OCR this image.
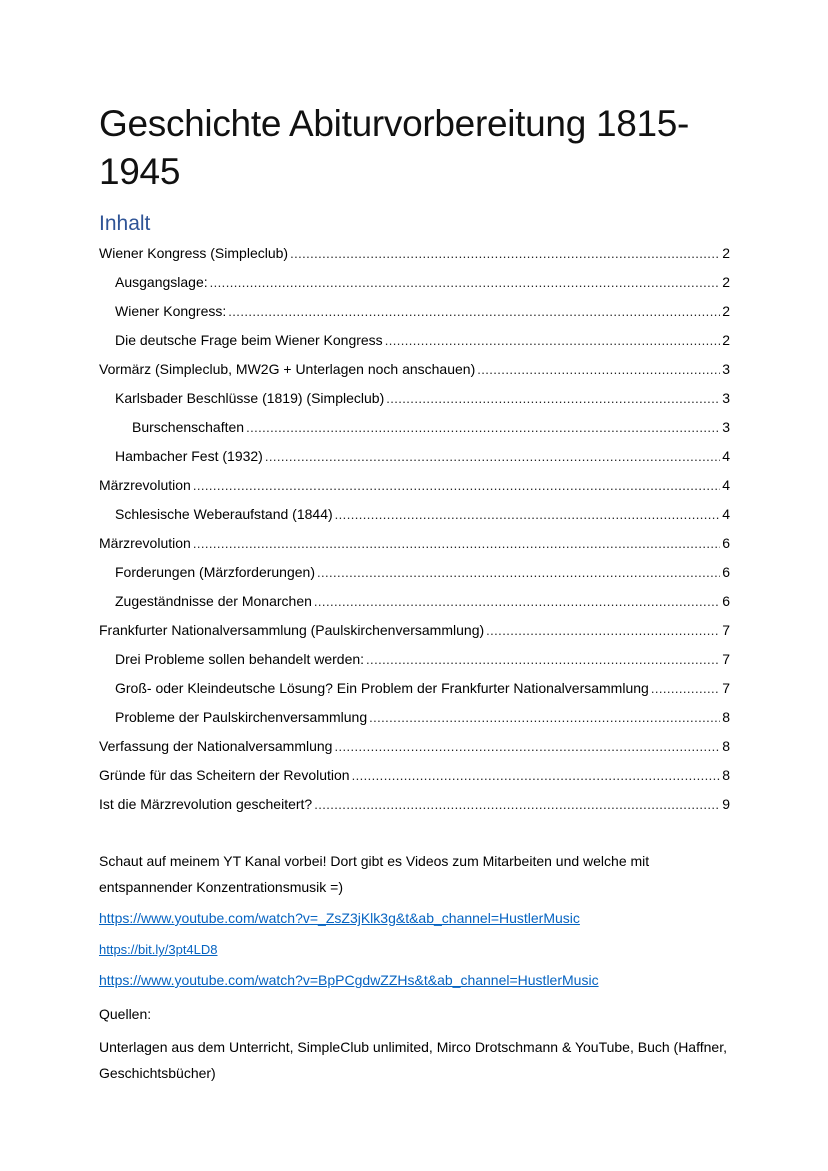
Geschichte Abiturvorbereitung 1815-1945
Inhalt
Wiener Kongress (Simpleclub) .....	2
Ausgangslage: .....	2
Wiener Kongress: .....	2
Die deutsche Frage beim Wiener Kongress .....	2
Vormärz (Simpleclub, MW2G + Unterlagen noch anschauen) .....	3
Karlsbader Beschlüsse (1819) (Simpleclub) .....	3
Burschenschaften .....	3
Hambacher Fest (1932) .....	4
Märzrevolution .....	4
Schlesische Weberaufstand (1844) .....	4
Märzrevolution .....	6
Forderungen (Märzforderungen) .....	6
Zugeständnisse der Monarchen .....	6
Frankfurter Nationalversammlung (Paulskirchenversammlung) .....	7
Drei Probleme sollen behandelt werden: .....	7
Groß- oder Kleindeutsche Lösung? Ein Problem der Frankfurter Nationalversammlung .....	7
Probleme der Paulskirchenversammlung .....	8
Verfassung der Nationalversammlung .....	8
Gründe für das Scheitern der Revolution .....	8
Ist die Märzrevolution gescheitert? .....	9
Schaut auf meinem YT Kanal vorbei! Dort gibt es Videos zum Mitarbeiten und welche mit entspannender Konzentrationsmusik =)
https://www.youtube.com/watch?v=_ZsZ3jKlk3g&t&ab_channel=HustlerMusic
https://bit.ly/3pt4LD8
https://www.youtube.com/watch?v=BpPCgdwZZHs&t&ab_channel=HustlerMusic
Quellen:
Unterlagen aus dem Unterricht, SimpleClub unlimited, Mirco Drotschmann & YouTube, Buch (Haffner, Geschichtsbücher)
